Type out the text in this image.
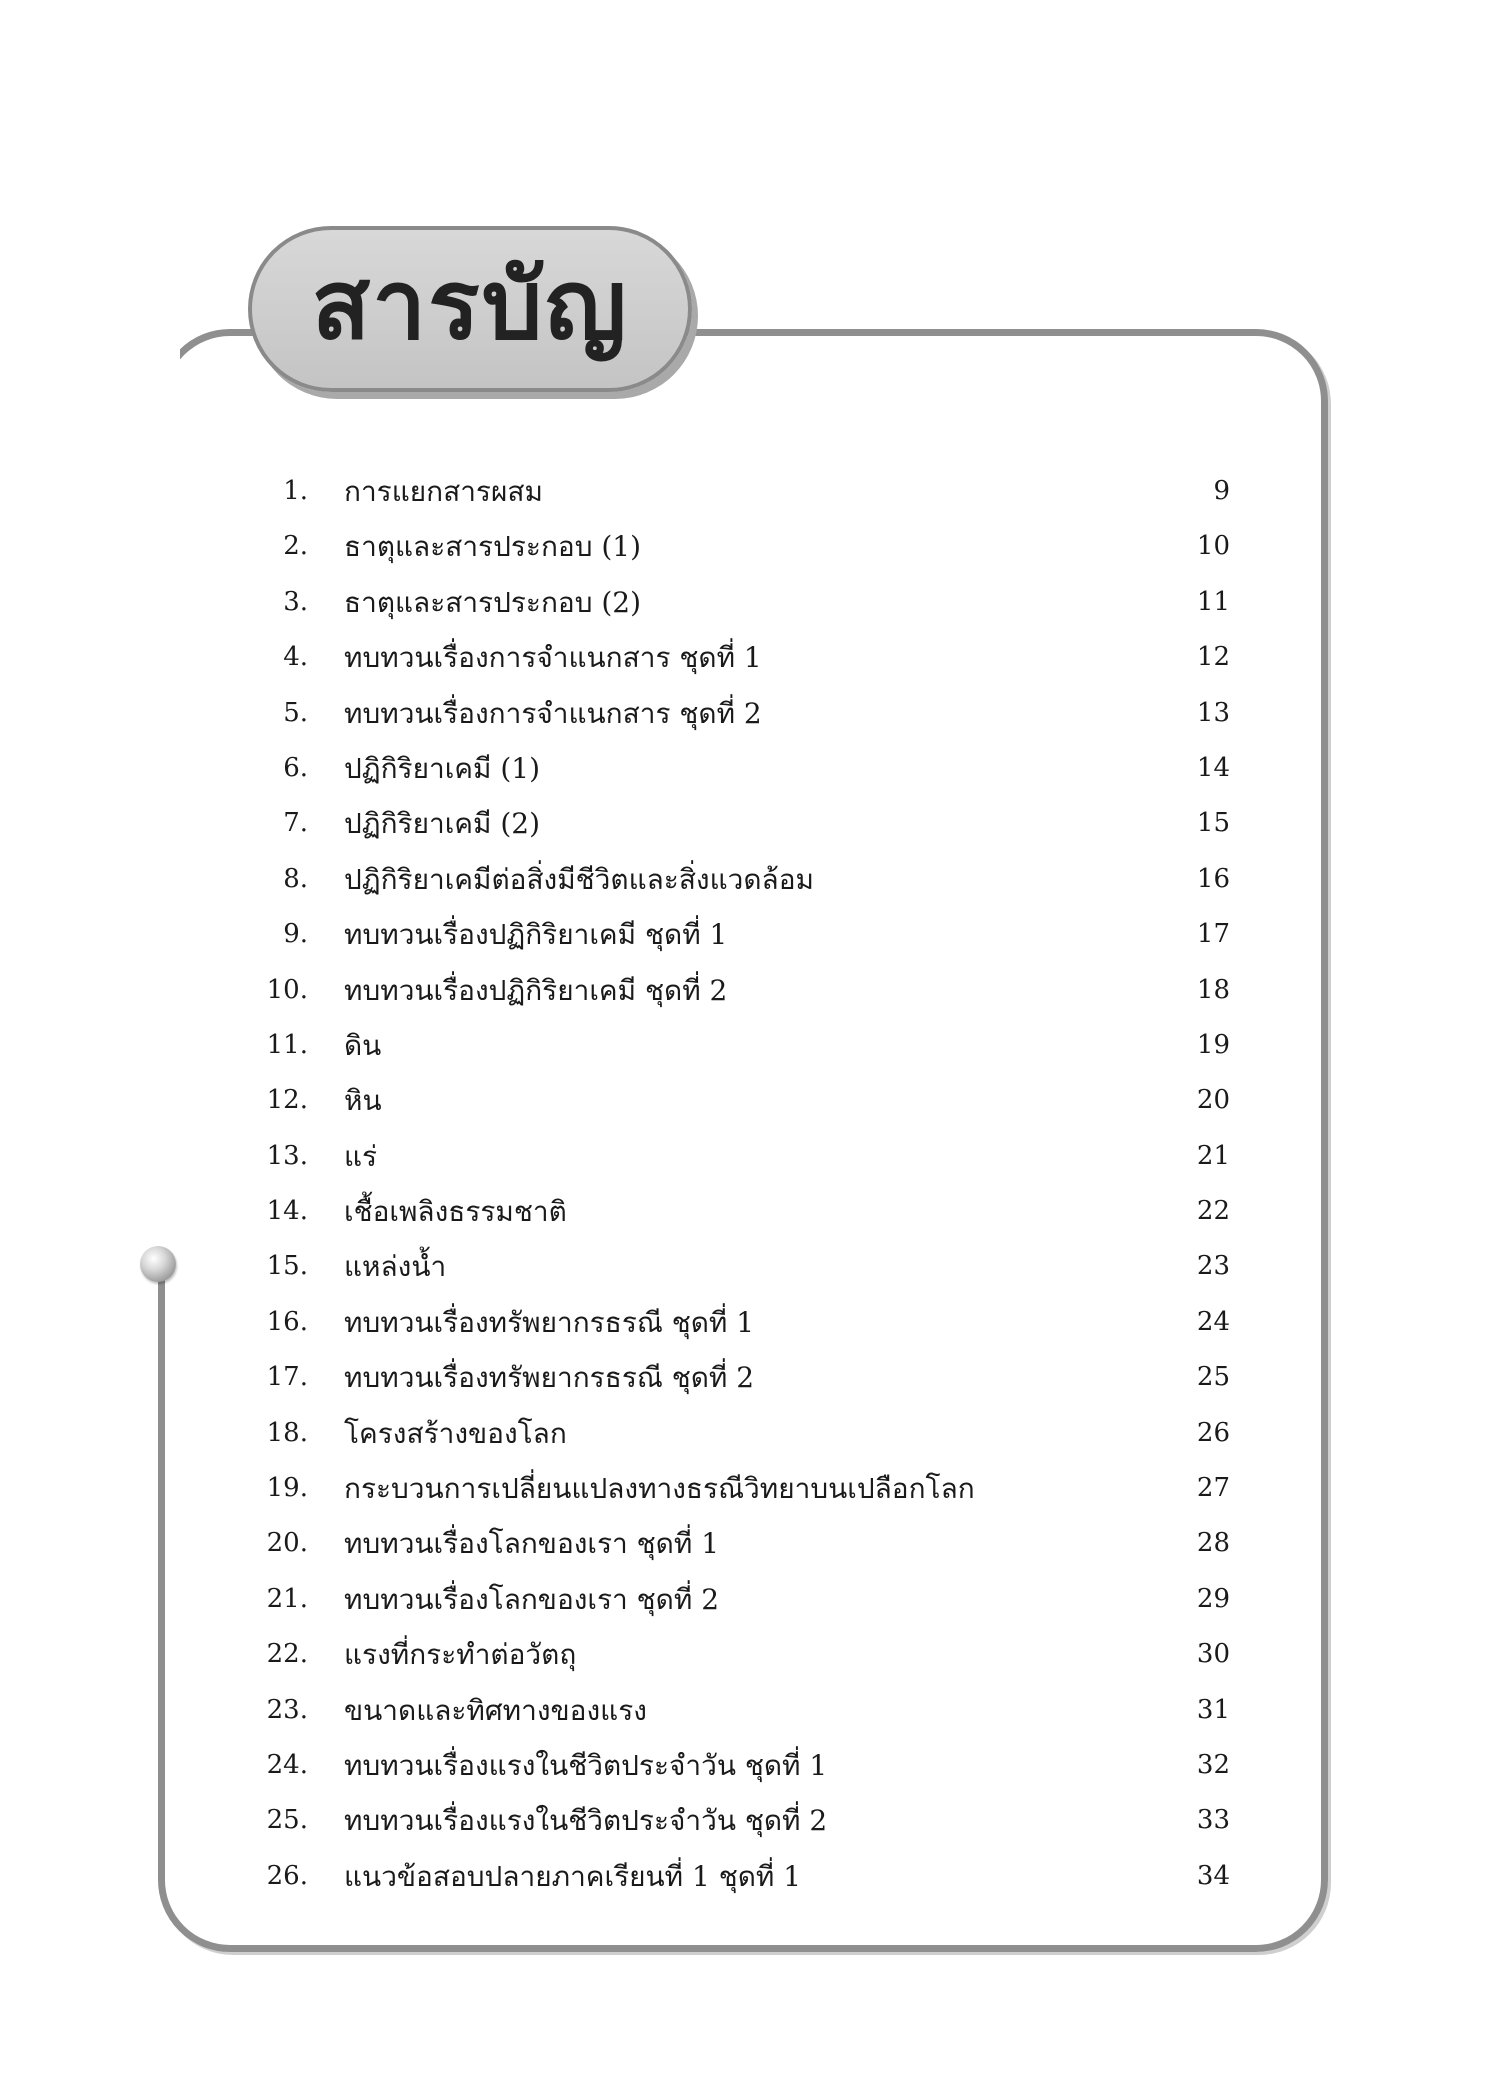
สารบัญ
1. การแยกสารผสม	9
2. ธาตุและสารประกอบ (1)	10
3. ธาตุและสารประกอบ (2)	11
4. ทบทวนเรื่องการจำแนกสาร ชุดที่ 1	12
5. ทบทวนเรื่องการจำแนกสาร ชุดที่ 2	13
6. ปฏิกิริยาเคมี (1)	14
7. ปฏิกิริยาเคมี (2)	15
8. ปฏิกิริยาเคมีต่อสิ่งมีชีวิตและสิ่งแวดล้อม	16
9. ทบทวนเรื่องปฏิกิริยาเคมี ชุดที่ 1	17
10. ทบทวนเรื่องปฏิกิริยาเคมี ชุดที่ 2	18
11. ดิน	19
12. หิน	20
13. แร่	21
14. เชื้อเพลิงธรรมชาติ	22
15. แหล่งน้ำ	23
16. ทบทวนเรื่องทรัพยากรธรณี ชุดที่ 1	24
17. ทบทวนเรื่องทรัพยากรธรณี ชุดที่ 2	25
18. โครงสร้างของโลก	26
19. กระบวนการเปลี่ยนแปลงทางธรณีวิทยาบนเปลือกโลก	27
20. ทบทวนเรื่องโลกของเรา ชุดที่ 1	28
21. ทบทวนเรื่องโลกของเรา ชุดที่ 2	29
22. แรงที่กระทำต่อวัตถุ	30
23. ขนาดและทิศทางของแรง	31
24. ทบทวนเรื่องแรงในชีวิตประจำวัน ชุดที่ 1	32
25. ทบทวนเรื่องแรงในชีวิตประจำวัน ชุดที่ 2	33
26. แนวข้อสอบปลายภาคเรียนที่ 1 ชุดที่ 1	34
